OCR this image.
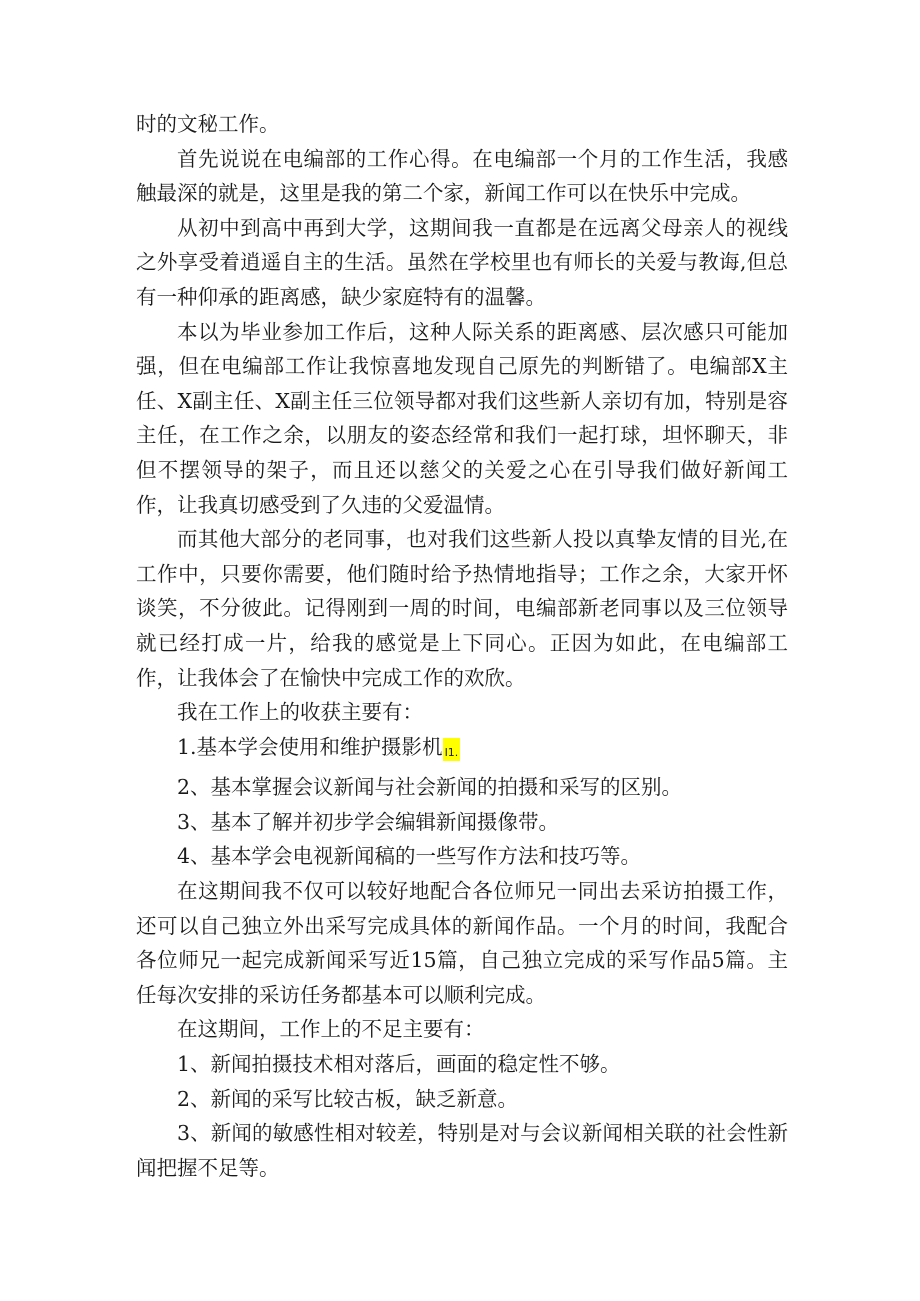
时的文秘工作。

首先说说在电编部的工作心得。在电编部一个月的工作生活，我感触最深的就是，这里是我的第二个家，新闻工作可以在快乐中完成。

从初中到高中再到大学，这期间我一直都是在远离父母亲人的视线之外享受着逍遥自主的生活。虽然在学校里也有师长的关爱与教诲,但总有一种仰承的距离感，缺少家庭特有的温馨。

本以为毕业参加工作后，这种人际关系的距离感、层次感只可能加强，但在电编部工作让我惊喜地发现自己原先的判断错了。电编部X主任、X副主任、X副主任三位领导都对我们这些新人亲切有加，特别是容主任，在工作之余，以朋友的姿态经常和我们一起打球，坦怀聊天，非但不摆领导的架子，而且还以慈父的关爱之心在引导我们做好新闻工作，让我真切感受到了久违的父爱温情。

而其他大部分的老同事，也对我们这些新人投以真挚友情的目光,在工作中，只要你需要，他们随时给予热情地指导；工作之余，大家开怀谈笑，不分彼此。记得刚到一周的时间，电编部新老同事以及三位领导就已经打成一片，给我的感觉是上下同心。正因为如此，在电编部工作，让我体会了在愉快中完成工作的欢欣。

我在工作上的收获主要有：

1.基本学会使用和维护摄影机 I1.

2、基本掌握会议新闻与社会新闻的拍摄和采写的区别。

3、基本了解并初步学会编辑新闻摄像带。

4、基本学会电视新闻稿的一些写作方法和技巧等。

在这期间我不仅可以较好地配合各位师兄一同出去采访拍摄工作，还可以自己独立外出采写完成具体的新闻作品。一个月的时间，我配合各位师兄一起完成新闻采写近15篇，自己独立完成的采写作品5篇。主任每次安排的采访任务都基本可以顺利完成。

在这期间，工作上的不足主要有：

1、新闻拍摄技术相对落后，画面的稳定性不够。

2、新闻的采写比较古板，缺乏新意。

3、新闻的敏感性相对较差，特别是对与会议新闻相关联的社会性新闻把握不足等。
